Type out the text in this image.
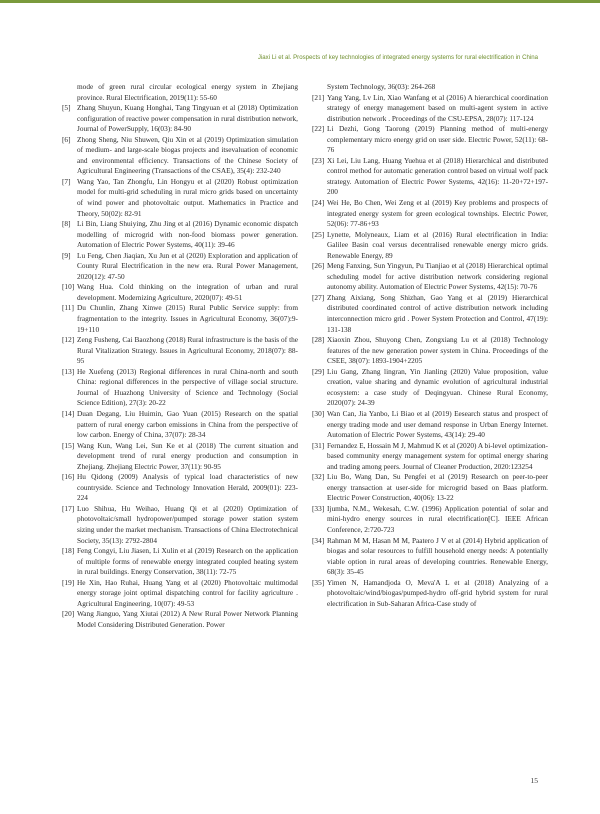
Jiaxi Li et al. Prospects of key technologies of integrated energy systems for rural electrification in China
mode of green rural circular ecological energy system in Zhejiang province. Rural Electrification, 2019(11): 55-60
[5] Zhang Shuyun, Kuang Honghai, Tang Tingyuan et al (2018) Optimization configuration of reactive power compensation in rural distribution network, Journal of PowerSupply, 16(03): 84-90
[6] Zhong Sheng, Niu Shuwen, Qiu Xin et al (2019) Optimization simulation of medium- and large-scale biogas projects and itsevaluation of economic and environmental efficiency. Transactions of the Chinese Society of Agricultural Engineering (Transactions of the CSAE), 35(4): 232-240
[7] Wang Yao, Tan Zhongfu, Lin Hongyu et al (2020) Robust optimization model for multi-grid scheduling in rural micro grids based on uncertainty of wind power and photovoltaic output. Mathematics in Practice and Theory, 50(02): 82-91
[8] Li Bin, Liang Shuiying, Zhu Jing et al (2016) Dynamic economic dispatch modelling of microgrid with non-food biomass power generation. Automation of Electric Power Systems, 40(11): 39-46
[9] Lu Feng, Chen Jiaqian, Xu Jun et al (2020) Exploration and application of County Rural Electrification in the new era. Rural Power Management, 2020(12): 47-50
[10] Wang Hua. Cold thinking on the integration of urban and rural development. Modernizing Agriculture, 2020(07): 49-51
[11] Du Chunlin, Zhang Xinwe (2015) Rural Public Service supply: from fragmentation to the integrity. Issues in Agricultural Economy, 36(07):9-19+110
[12] Zeng Fusheng, Cai Baozhong (2018) Rural infrastructure is the basis of the Rural Vitalization Strategy. Issues in Agricultural Economy, 2018(07): 88-95
[13] He Xuefeng (2013) Regional differences in rural China-north and south China: regional differences in the perspective of village social structure. Journal of Huazhong University of Science and Technology (Social Science Edition), 27(3): 20-22
[14] Duan Degang, Liu Huimin, Gao Yuan (2015) Research on the spatial pattern of rural energy carbon emissions in China from the perspective of low carbon. Energy of China, 37(07): 28-34
[15] Wang Kun, Wang Lei, Sun Ke et al (2018) The current situation and development trend of rural energy production and consumption in Zhejiang. Zhejiang Electric Power, 37(11): 90-95
[16] Hu Qidong (2009) Analysis of typical load characteristics of new countryside. Science and Technology Innovation Herald, 2009(01): 223-224
[17] Luo Shihua, Hu Weihao, Huang Qi et al (2020) Optimization of photovoltaic/small hydropower/pumped storage power station system sizing under the market mechanism. Transactions of China Electrotechnical Society, 35(13): 2792-2804
[18] Feng Congyi, Liu Jiasen, Li Xulin et al (2019) Research on the application of multiple forms of renewable energy integrated coupled heating system in rural buildings. Energy Conservation, 38(11): 72-75
[19] He Xin, Hao Ruhai, Huang Yang et al (2020) Photovoltaic multimodal energy storage joint optimal dispatching control for facility agriculture . Agricultural Engineering, 10(07): 49-53
[20] Wang Jianguo, Yang Xiutai (2012) A New Rural Power Network Planning Model Considering Distributed Generation. Power
System Technology, 36(03): 264-268
[21] Yang Yang, Lv Lin, Xiao Wanfang et al (2016) A hierarchical coordination strategy of energy management based on multi-agent system in active distribution network . Proceedings of the CSU-EPSA, 28(07): 117-124
[22] Li Dezhi, Gong Taorong (2019) Planning method of multi-energy complementary micro energy grid on user side. Electric Power, 52(11): 68-76
[23] Xi Lei, Liu Lang, Huang Yuehua et al (2018) Hierarchical and distributed control method for automatic generation control based on virtual wolf pack strategy. Automation of Electric Power Systems, 42(16): 11-20+72+197-200
[24] Wei He, Bo Chen, Wei Zeng et al (2019) Key problems and prospects of integrated energy system for green ecological townships. Electric Power, 52(06): 77-86+93
[25] Lynette, Molyneaux, Liam et al (2016) Rural electrification in India: Galilee Basin coal versus decentralised renewable energy micro grids. Renewable Energy, 89
[26] Meng Fanxing, Sun Yingyun, Pu Tianjiao et al (2018) Hierarchical optimal scheduling model for active distribution network considering regional autonomy ability. Automation of Electric Power Systems, 42(15): 70-76
[27] Zhang Aixiang, Song Shizhan, Gao Yang et al (2019) Hierarchical distributed coordinated control of active distribution network including interconnection micro grid . Power System Protection and Control, 47(19): 131-138
[28] Xiaoxin Zhou, Shuyong Chen, Zongxiang Lu et al (2018) Technology features of the new generation power system in China. Proceedings of the CSEE, 38(07): 1893-1904+2205
[29] Liu Gang, Zhang lingran, Yin Jianling (2020) Value proposition, value creation, value sharing and dynamic evolution of agricultural industrial ecosystem: a case study of Deqingyuan. Chinese Rural Economy, 2020(07): 24-39
[30] Wan Can, Jia Yanbo, Li Biao et al (2019) Eesearch status and prospect of energy trading mode and user demand response in Urban Energy Internet. Automation of Electric Power Systems, 43(14): 29-40
[31] Fernandez E, Hossain M J, Mahmud K et al (2020) A bi-level optimization-based community energy management system for optimal energy sharing and trading among peers. Journal of Cleaner Production, 2020:123254
[32] Liu Bo, Wang Dan, Su Pengfei et al (2019) Research on peer-to-peer energy transaction at user-side for microgrid based on Baas platform. Electric Power Construction, 40(06): 13-22
[33] Ijumba, N.M., Wekesah, C.W. (1996) Application potential of solar and mini-hydro energy sources in rural electrification[C]. IEEE African Conference, 2:720-723
[34] Rahman M M, Hasan M M, Paatero J V et al (2014) Hybrid application of biogas and solar resources to fulfill household energy needs: A potentially viable option in rural areas of developing countries. Renewable Energy, 68(3): 35-45
[35] Yimen N, Hamandjoda O, Meva'A L et al (2018) Analyzing of a photovoltaic/wind/biogas/pumped-hydro off-grid hybrid system for rural electrification in Sub-Saharan Africa-Case study of
15
